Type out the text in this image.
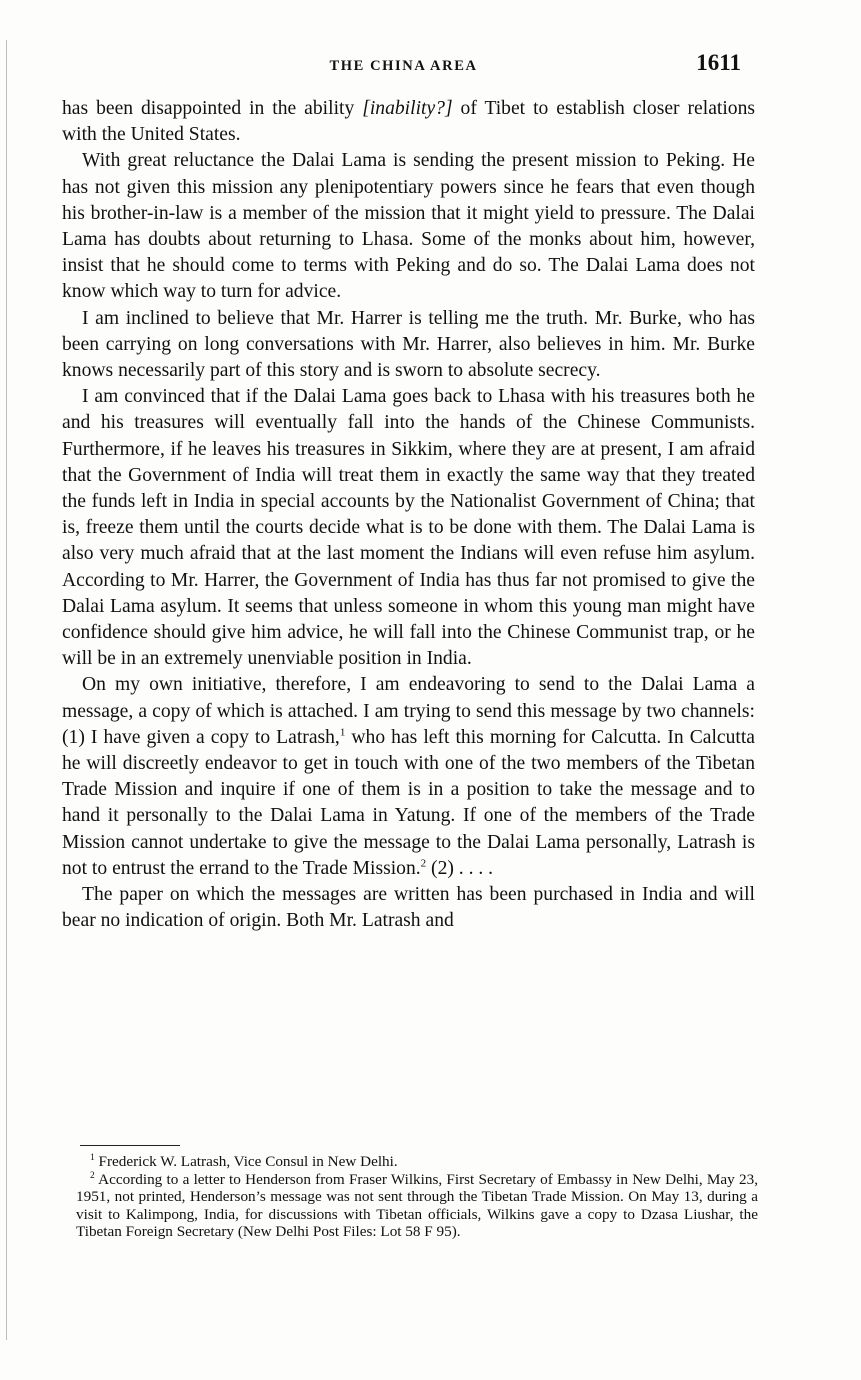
THE CHINA AREA	1611

has been disappointed in the ability [inability?] of Tibet to establish closer relations with the United States.

With great reluctance the Dalai Lama is sending the present mission to Peking. He has not given this mission any plenipotentiary powers since he fears that even though his brother-in-law is a member of the mission that it might yield to pressure. The Dalai Lama has doubts about returning to Lhasa. Some of the monks about him, however, insist that he should come to terms with Peking and do so. The Dalai Lama does not know which way to turn for advice.

I am inclined to believe that Mr. Harrer is telling me the truth. Mr. Burke, who has been carrying on long conversations with Mr. Harrer, also believes in him. Mr. Burke knows necessarily part of this story and is sworn to absolute secrecy.

I am convinced that if the Dalai Lama goes back to Lhasa with his treasures both he and his treasures will eventually fall into the hands of the Chinese Communists. Furthermore, if he leaves his treasures in Sikkim, where they are at present, I am afraid that the Government of India will treat them in exactly the same way that they treated the funds left in India in special accounts by the Nationalist Government of China; that is, freeze them until the courts decide what is to be done with them. The Dalai Lama is also very much afraid that at the last moment the Indians will even refuse him asylum. According to Mr. Harrer, the Government of India has thus far not promised to give the Dalai Lama asylum. It seems that unless someone in whom this young man might have confidence should give him advice, he will fall into the Chinese Communist trap, or he will be in an extremely unenviable position in India.

On my own initiative, therefore, I am endeavoring to send to the Dalai Lama a message, a copy of which is attached. I am trying to send this message by two channels: (1) I have given a copy to Latrash,$^1$ who has left this morning for Calcutta. In Calcutta he will discreetly endeavor to get in touch with one of the two members of the Tibetan Trade Mission and inquire if one of them is in a position to take the message and to hand it personally to the Dalai Lama in Yatung. If one of the members of the Trade Mission cannot undertake to give the message to the Dalai Lama personally, Latrash is not to entrust the errand to the Trade Mission.$^2$ (2) . . . .

The paper on which the messages are written has been purchased in India and will bear no indication of origin. Both Mr. Latrash and

$^1$ Frederick W. Latrash, Vice Consul in New Delhi.

$^2$ According to a letter to Henderson from Fraser Wilkins, First Secretary of Embassy in New Delhi, May 23, 1951, not printed, Henderson’s message was not sent through the Tibetan Trade Mission. On May 13, during a visit to Kalimpong, India, for discussions with Tibetan officials, Wilkins gave a copy to Dzasa Liushar, the Tibetan Foreign Secretary (New Delhi Post Files: Lot 58 F 95).
